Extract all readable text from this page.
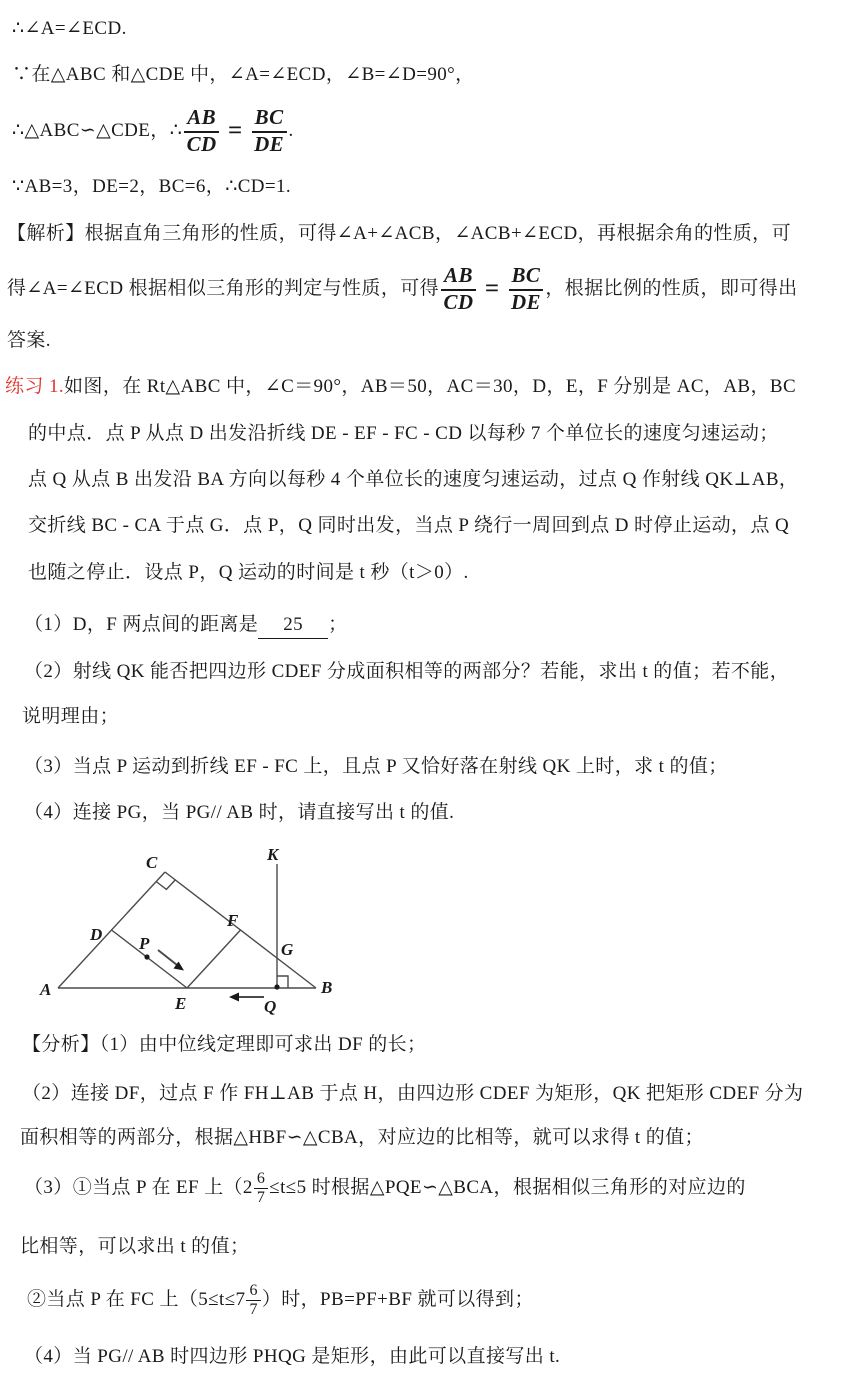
∴∠A=∠ECD.
∵在△ABC 和△CDE 中，∠A=∠ECD，∠B=∠D=90°，
∴△ABC∽△CDE，∴ $\frac{AB}{CD} = \frac{BC}{DE}$ .
∵AB=3，DE=2，BC=6，∴CD=1.
【解析】根据直角三角形的性质，可得∠A+∠ACB，∠ACB+∠ECD，再根据余角的性质，可
得∠A=∠ECD 根据相似三角形的判定与性质，可得 $\frac{AB}{CD} = \frac{BC}{DE}$ ，根据比例的性质，即可得出
答案.
练习 1.如图，在 Rt△ABC 中，∠C＝90°，AB＝50，AC＝30，D，E，F 分别是 AC，AB，BC
的中点．点 P 从点 D 出发沿折线 DE - EF - FC - CD 以每秒 7 个单位长的速度匀速运动；
点 Q 从点 B 出发沿 BA 方向以每秒 4 个单位长的速度匀速运动，过点 Q 作射线 QK⊥AB，
交折线 BC - CA 于点 G．点 P，Q 同时出发，当点 P 绕行一周回到点 D 时停止运动，点 Q
也随之停止．设点 P，Q 运动的时间是 t 秒（t＞0）.
（1）D，F 两点间的距离是 25 ；
（2）射线 QK 能否把四边形 CDEF 分成面积相等的两部分？若能，求出 t 的值；若不能，
说明理由；
（3）当点 P 运动到折线 EF - FC 上，且点 P 又恰好落在射线 QK 上时，求 t 的值；
（4）连接 PG，当 PG// AB 时，请直接写出 t 的值.
A	B
C
D
E
F
G
K
P
Q
【分析】（1）由中位线定理即可求出 DF 的长；
（2）连接 DF，过点 F 作 FH⊥AB 于点 H，由四边形 CDEF 为矩形，QK 把矩形 CDEF 分为
面积相等的两部分，根据△HBF∽△CBA，对应边的比相等，就可以求得 t 的值；
（3）①当点 P 在 EF 上（$2 \frac{6}{7} \le t\le 5$ 时根据△PQE∽△BCA，根据相似三角形的对应边的
比相等，可以求出 t 的值；
②当点 P 在 FC 上（$5\le t\le 7 \frac{6}{7}$ ）时，PB=PF+BF 就可以得到；
（4）当 PG// AB 时四边形 PHQG 是矩形，由此可以直接写出 t.
